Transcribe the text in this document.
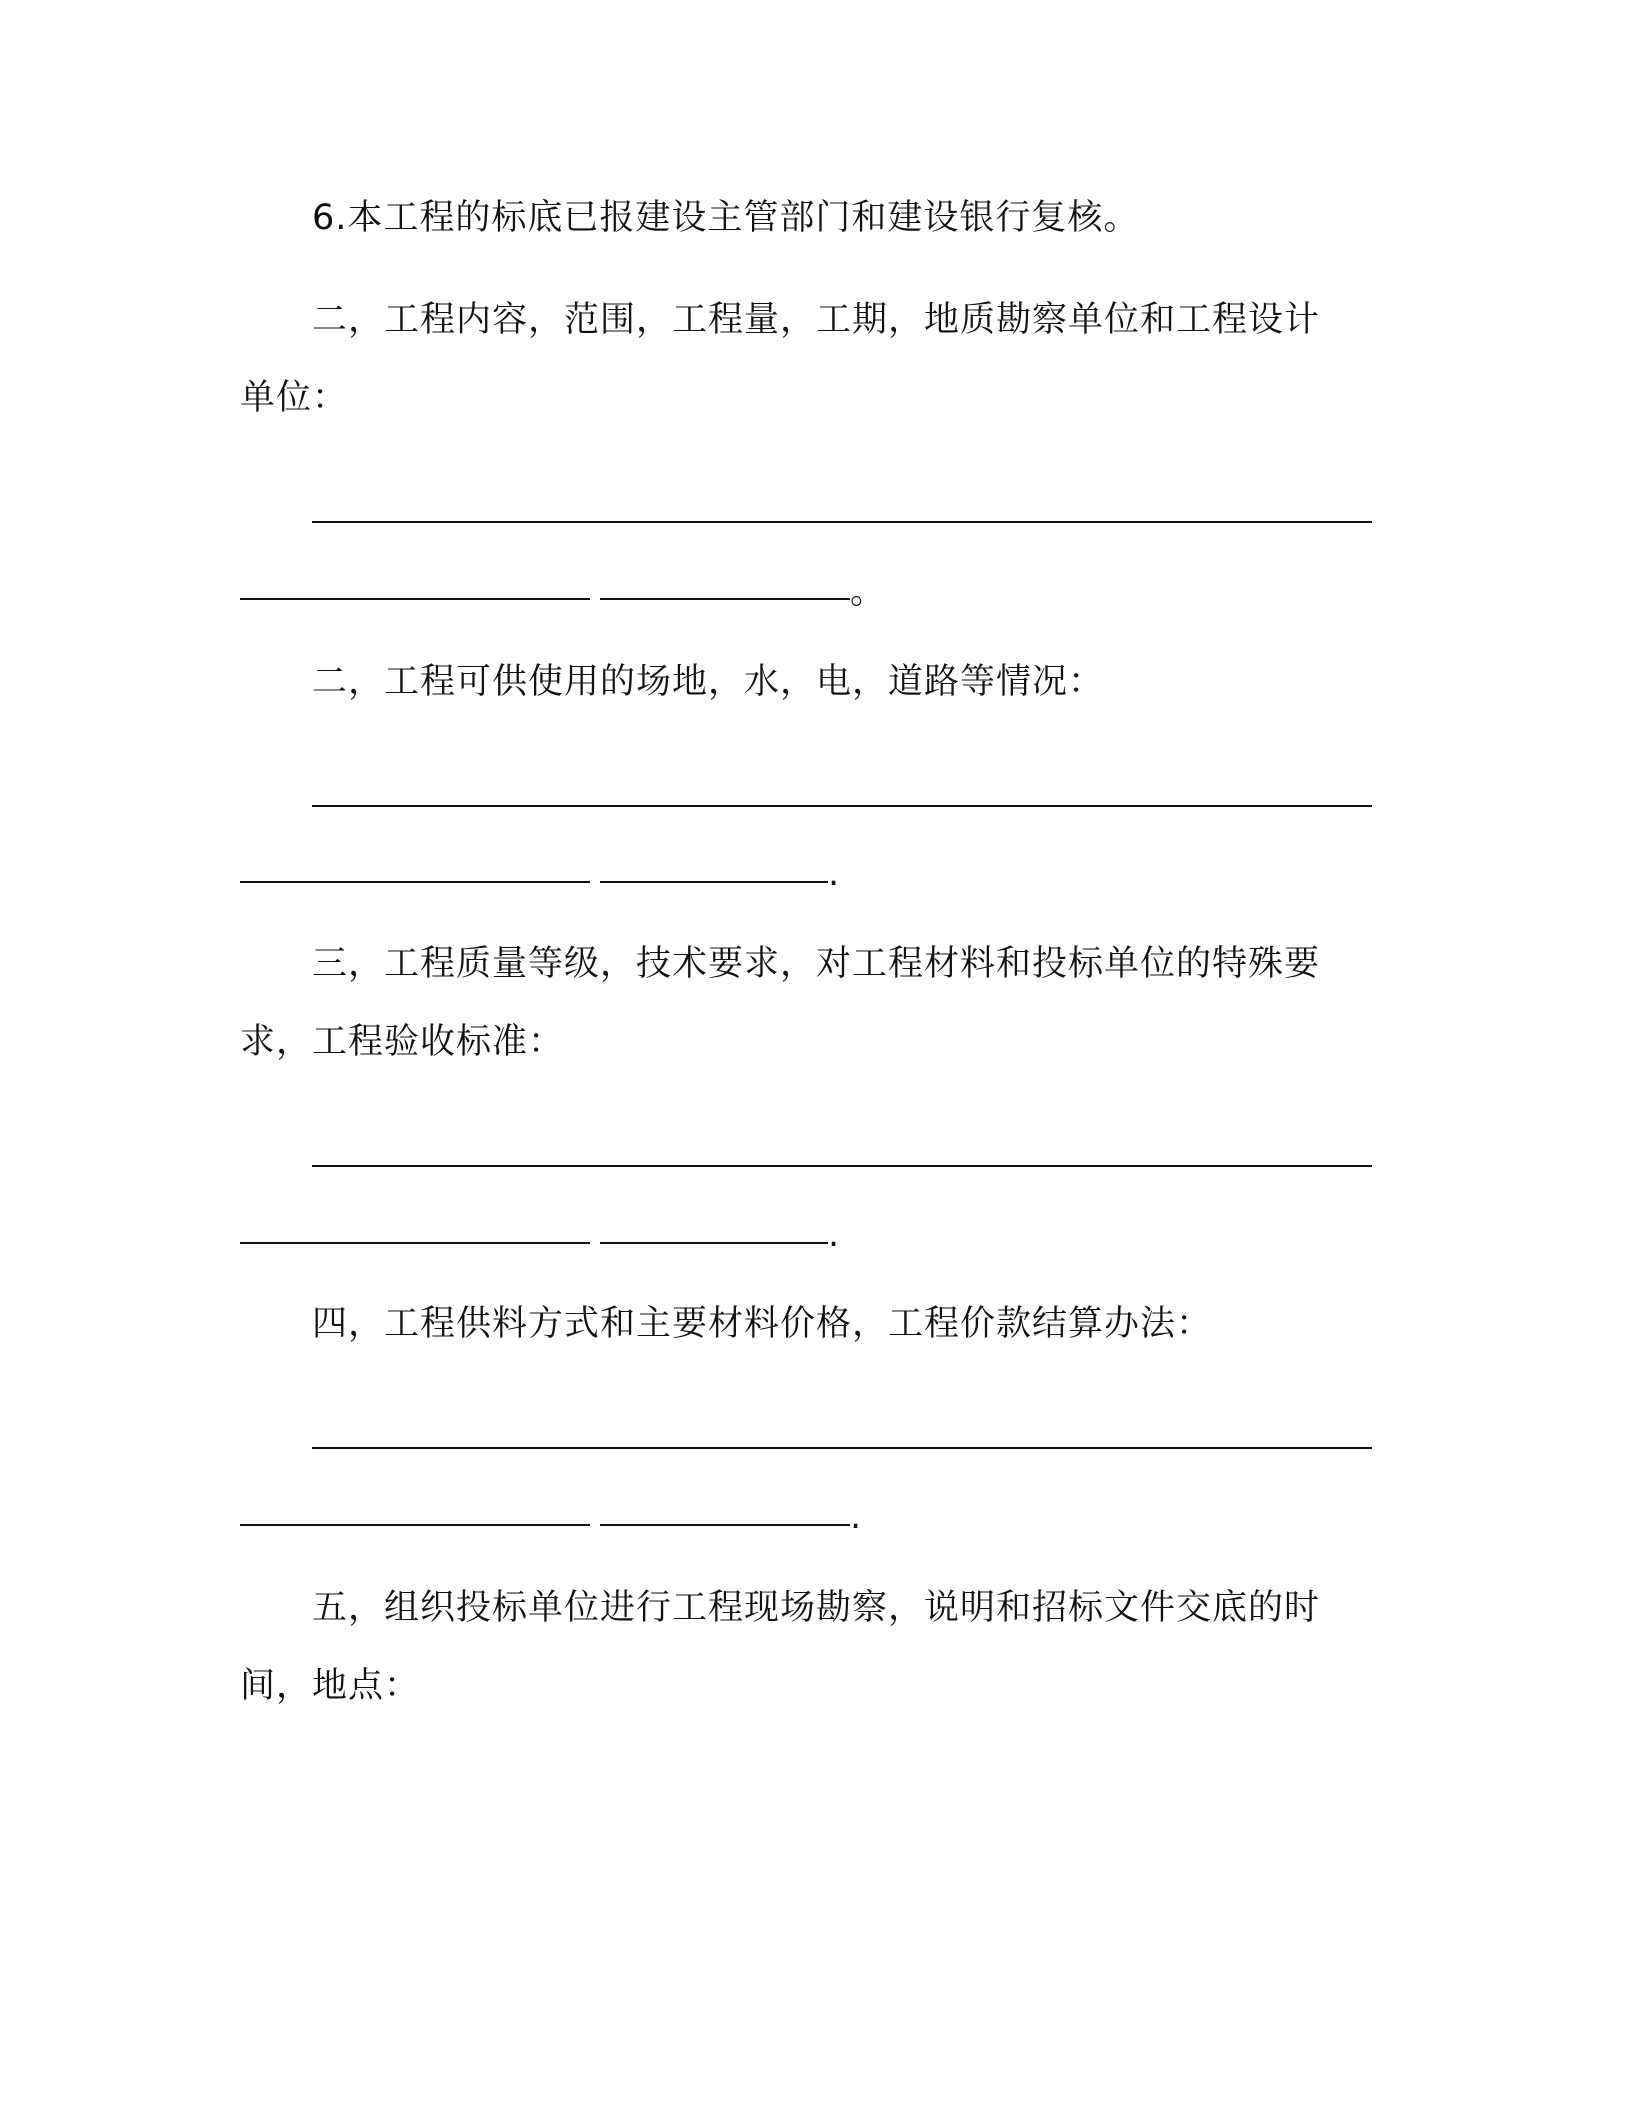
6.本工程的标底已报建设主管部门和建设银行复核。
二，工程内容，范围，工程量，工期，地质勘察单位和工程设计
单位：
。
二，工程可供使用的场地，水，电，道路等情况：
.
三，工程质量等级，技术要求，对工程材料和投标单位的特殊要
求，工程验收标准：
.
四，工程供料方式和主要材料价格，工程价款结算办法：
.
五，组织投标单位进行工程现场勘察，说明和招标文件交底的时
间，地点：
